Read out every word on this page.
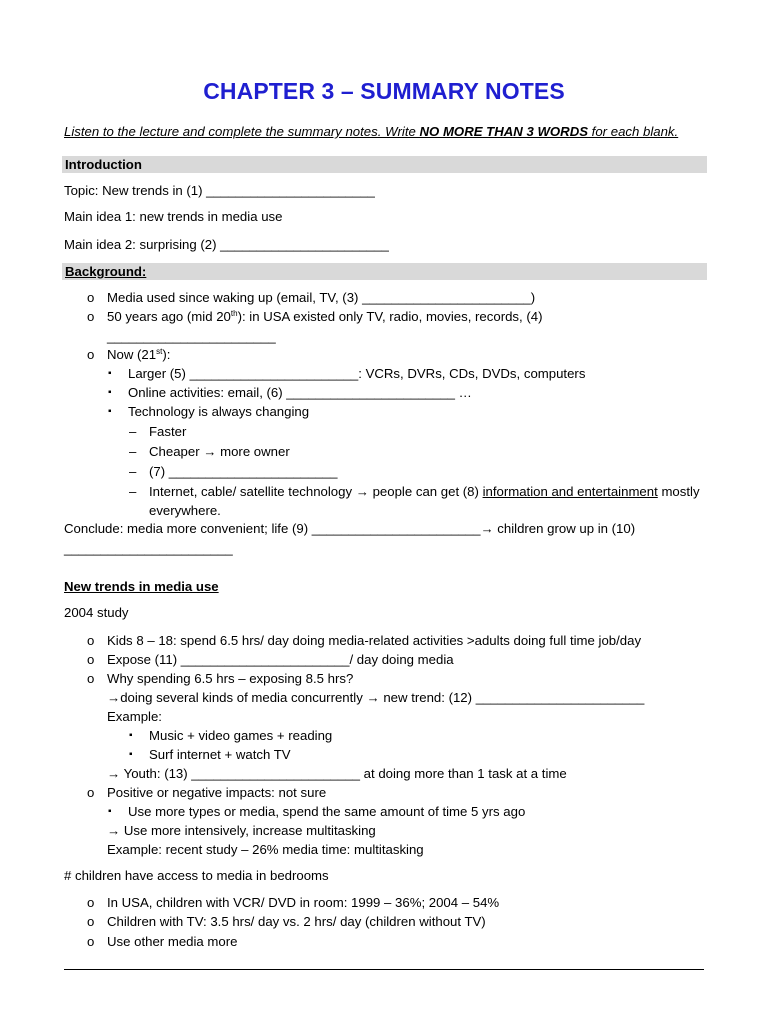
CHAPTER 3 – SUMMARY NOTES
Listen to the lecture and complete the summary notes. Write NO MORE THAN 3 WORDS for each blank.
Introduction
Topic: New trends in (1) _______________________
Main idea 1: new trends in media use
Main idea 2: surprising (2) _______________________
Background:
o Media used since waking up (email, TV, (3) _______________________)
o 50 years ago (mid 20th): in USA existed only TV, radio, movies, records, (4)
_______________________
o Now (21st):
▪ Larger (5) _______________________: VCRs, DVRs, CDs, DVDs, computers
▪ Online activities: email, (6) _______________________ …
▪ Technology is always changing
– Faster
– Cheaper → more owner
– (7) _______________________
– Internet, cable/ satellite technology → people can get (8) information and entertainment mostly
everywhere.
Conclude: media more convenient; life (9) _______________________→ children grow up in (10)
_______________________
New trends in media use
2004 study
o Kids 8 – 18: spend 6.5 hrs/ day doing media-related activities >adults doing full time job/day
o Expose (11) _______________________/ day doing media
o Why spending 6.5 hrs – exposing 8.5 hrs?
→doing several kinds of media concurrently → new trend: (12) _______________________
Example:
▪ Music + video games + reading
▪ Surf internet + watch TV
→ Youth: (13) _______________________ at doing more than 1 task at a time
o Positive or negative impacts: not sure
▪ Use more types or media, spend the same amount of time 5 yrs ago
→ Use more intensively, increase multitasking
Example: recent study – 26% media time: multitasking
# children have access to media in bedrooms
o In USA, children with VCR/ DVD in room: 1999 – 36%; 2004 – 54%
o Children with TV: 3.5 hrs/ day vs. 2 hrs/ day (children without TV)
o Use other media more
